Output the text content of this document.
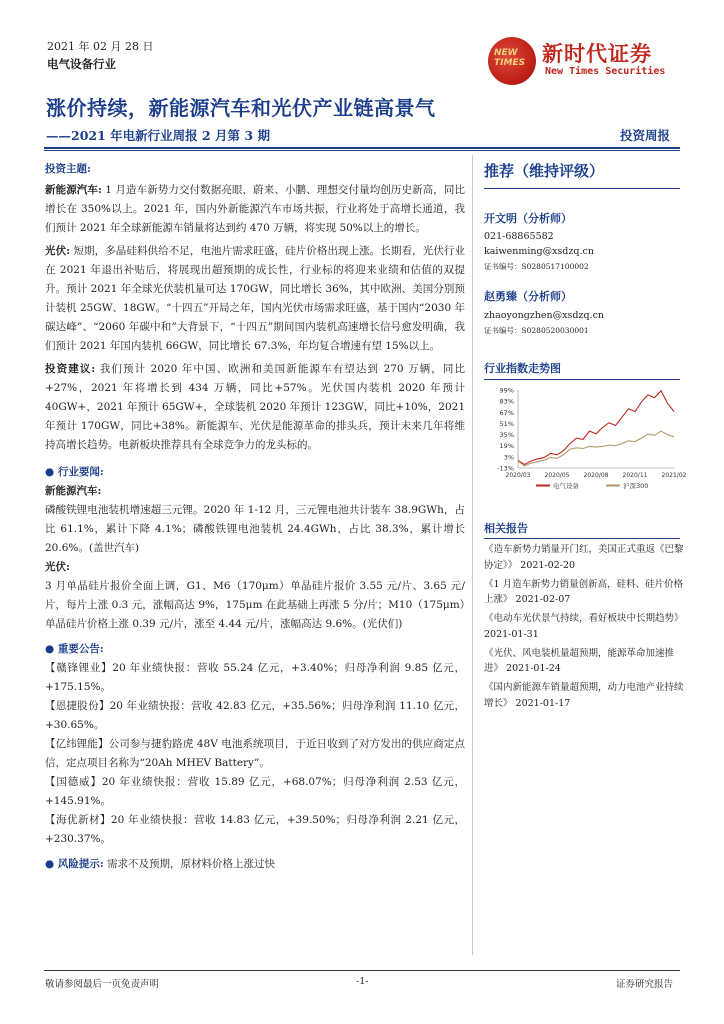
2021 年 02 月 28 日
电气设备行业
NEW TIMES 新时代证券
New Times Securities
涨价持续，新能源汽车和光伏产业链高景气
——2021 年电新行业周报 2 月第 3 期	投资周报
投资主题:

新能源汽车: 1 月造车新势力交付数据亮眼，蔚来、小鹏、理想交付量均创历史新高，同比增长在 350%以上。2021 年，国内外新能源汽车市场共振，行业将处于高增长通道，我们预计 2021 年全球新能源车销量将达到约 470 万辆，将实现 50%以上的增长。

光伏: 短期，多晶硅料供给不足，电池片需求旺盛，硅片价格出现上涨。长期看，光伏行业在 2021 年退出补贴后，将展现出超预期的成长性，行业标的将迎来业绩和估值的双提升。预计 2021 年全球光伏装机量可达 170GW，同比增长 36%，其中欧洲、美国分别预计装机 25GW、18GW。“十四五”开局之年，国内光伏市场需求旺盛，基于国内“2030 年碳达峰”、“2060 年碳中和”大背景下，“十四五”期间国内装机高速增长信号愈发明确，我们预计 2021 年国内装机 66GW，同比增长 67.3%，年均复合增速有望 15%以上。

投资建议: 我们预计 2020 年中国、欧洲和美国新能源车有望达到 270 万辆，同比+27%，2021 年将增长到 434 万辆，同比+57%。光伏国内装机 2020 年预计 40GW+，2021 年预计 65GW+，全球装机 2020 年预计 123GW，同比+10%，2021 年预计 170GW，同比+38%。新能源车、光伏是能源革命的排头兵，预计未来几年将维持高增长趋势。电新板块推荐具有全球竞争力的龙头标的。

● 行业要闻:
新能源汽车:

磷酸铁锂电池装机增速超三元锂。2020 年 1-12 月，三元锂电池共计装车 38.9GWh，占比 61.1%，累计下降 4.1%；磷酸铁锂电池装机 24.4GWh，占比 38.3%，累计增长 20.6%。(盖世汽车)

光伏:

3 月单晶硅片报价全面上调，G1、M6（170μm）单晶硅片报价 3.55 元/片、3.65 元/片，每片上涨 0.3 元，涨幅高达 9%，175μm 在此基础上再涨 5 分/片；M10（175μm）单晶硅片价格上涨 0.39 元/片，涨至 4.44 元/片，涨幅高达 9.6%。(光伏们)

● 重要公告:

【赣锋锂业】20 年业绩快报：营收 55.24 亿元，+3.40%；归母净利润 9.85 亿元，+175.15%。

【恩捷股份】20 年业绩快报：营收 42.83 亿元，+35.56%；归母净利润 11.10 亿元，+30.65%。

【亿纬锂能】公司参与捷豹路虎 48V 电池系统项目，于近日收到了对方发出的供应商定点信，定点项目名称为“20Ah MHEV Battery”。

【国德威】20 年业绩快报：营收 15.89 亿元，+68.07%；归母净利润 2.53 亿元，+145.91%。

【海优新材】20 年业绩快报：营收 14.83 亿元，+39.50%；归母净利润 2.21 亿元，+230.37%。

● 风险提示: 需求不及预期，原材料价格上涨过快

推荐（维持评级）
开文明（分析师）
021-68865582
kaiwenming@xsdzq.cn
证书编号：S0280517100002
赵勇臻（分析师）
zhaoyongzhen@xsdzq.cn
证书编号：S0280520030001
行业指数走势图
99%
83%
67%
51%
35%
19%
3%
-13%
2020/03 2020/05 2020/08 2020/11 2021/02
电气设备	沪深300
相关报告
《造车新势力销量开门红，美国正式重返《巴黎协定》》 2021-02-20
《1 月造车新势力销量创新高，硅料、硅片价格上涨》 2021-02-07
《电动车光伏景气持续，看好板块中长期趋势》 2021-01-31
《光伏、风电装机量超预期，能源革命加速推进》 2021-01-24
《国内新能源车销量超预期，动力电池产业持续增长》 2021-01-17
敬请参阅最后一页免责声明	-1-	证券研究报告
